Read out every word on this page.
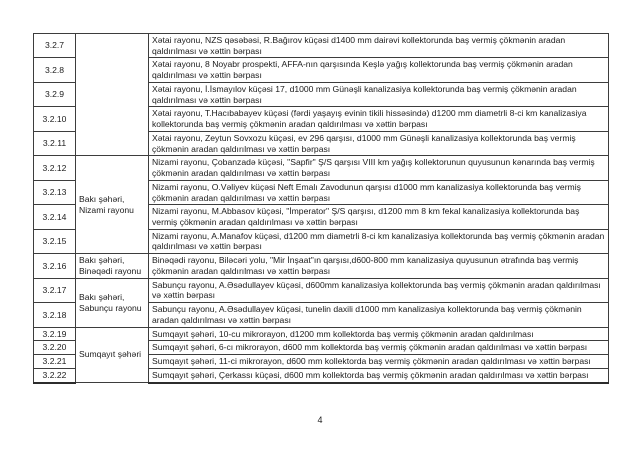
3.2.7		Xətai rayonu, NZS qəsəbəsi, R.Bağırov küçəsi d1400 mm dairəvi kollektorunda baş vermiş çökmənin aradan qaldırılması və xəttin bərpası
3.2.8		Xətai rayonu, 8 Noyabr prospekti, AFFA-nın qarşısında Keşlə yağış kollektorunda baş vermiş çökmənin aradan qaldırılması və xəttin bərpası
3.2.9		Xətai rayonu, İ.İsmayılov küçəsi 17, d1000 mm Günəşli kanalizasiya kollektorunda baş vermiş çökmənin aradan qaldırılması və xəttin bərpası
3.2.10		Xətai rayonu, T.Hacıbabayev küçəsi (fərdi yaşayış evinin tikili hissəsində) d1200 mm diametrli 8-ci km kanalizasiya kollektorunda baş vermiş çökmənin aradan qaldırılması və xəttin bərpası
3.2.11		Xətai rayonu, Zeytun Sovxozu küçəsi, ev 296 qarşısı, d1000 mm Günəşli kanalizasiya kollektorunda baş vermiş çökmənin aradan qaldırılması və xəttin bərpası
3.2.12	Bakı şəhəri, Nizami rayonu	Nizami rayonu, Çobanzadə küçəsi, "Sapfir" Ş/S qarşısı VIII km yağış kollektorunun quyusunun kənarında baş vermiş çökmənin aradan qaldırılması və xəttin bərpası
3.2.13		Nizami rayonu, O.Vəliyev küçəsi Neft Emalı Zavodunun qarşısı d1000 mm kanalizasiya kollektorunda baş vermiş çökmənin aradan qaldırılması və xəttin bərpası
3.2.14		Nizami rayonu, M.Abbasov küçəsi, "İmperator" Ş/S qarşısı, d1200 mm 8 km fekal kanalizasiya kollektorunda baş vermiş çökmənin aradan qaldırılması və xəttin bərpası
3.2.15		Nizami rayonu, A.Manafov küçəsi, d1200 mm diametrli 8-ci km kanalizasiya kollektorunda baş vermiş çökmənin aradan qaldırılması və xəttin bərpası
3.2.16	Bakı şəhəri, Binəqədi rayonu	Binəqədi rayonu, Biləcəri yolu, "Mir İnşaat"ın qarşısı,d600-800 mm kanalizasiya quyusunun ətrafında baş vermiş çökmənin aradan qaldırılması və xəttin bərpası
3.2.17	Bakı şəhəri, Sabunçu rayonu	Sabunçu rayonu, A.Əsədullayev küçəsi, d600mm kanalizasiya kollektorunda baş vermiş çökmənin aradan qaldırılması və xəttin bərpası
3.2.18		Sabunçu rayonu, A.Əsədullayev küçəsi, tunelin daxili d1000 mm kanalizasiya kollektorunda baş vermiş çökmənin aradan qaldırılması və xəttin bərpası
3.2.19	Sumqayıt şəhəri	Sumqayıt şəhəri, 10-cu mikrorayon, d1200 mm kollektorda baş vermiş çökmənin aradan qaldırılması
3.2.20		Sumqayıt şəhəri, 6-cı mikrorayon, d600 mm kollektorda baş vermiş çökmənin aradan qaldırılması və xəttin bərpası
3.2.21		Sumqayıt şəhəri, 11-ci mikrorayon, d600 mm kollektorda baş vermiş çökmənin aradan qaldırılması və xəttin bərpası
3.2.22		Sumqayıt şəhəri, Çerkassı küçəsi, d600 mm kollektorda baş vermiş çökmənin aradan qaldırılması və xəttin bərpası
4
